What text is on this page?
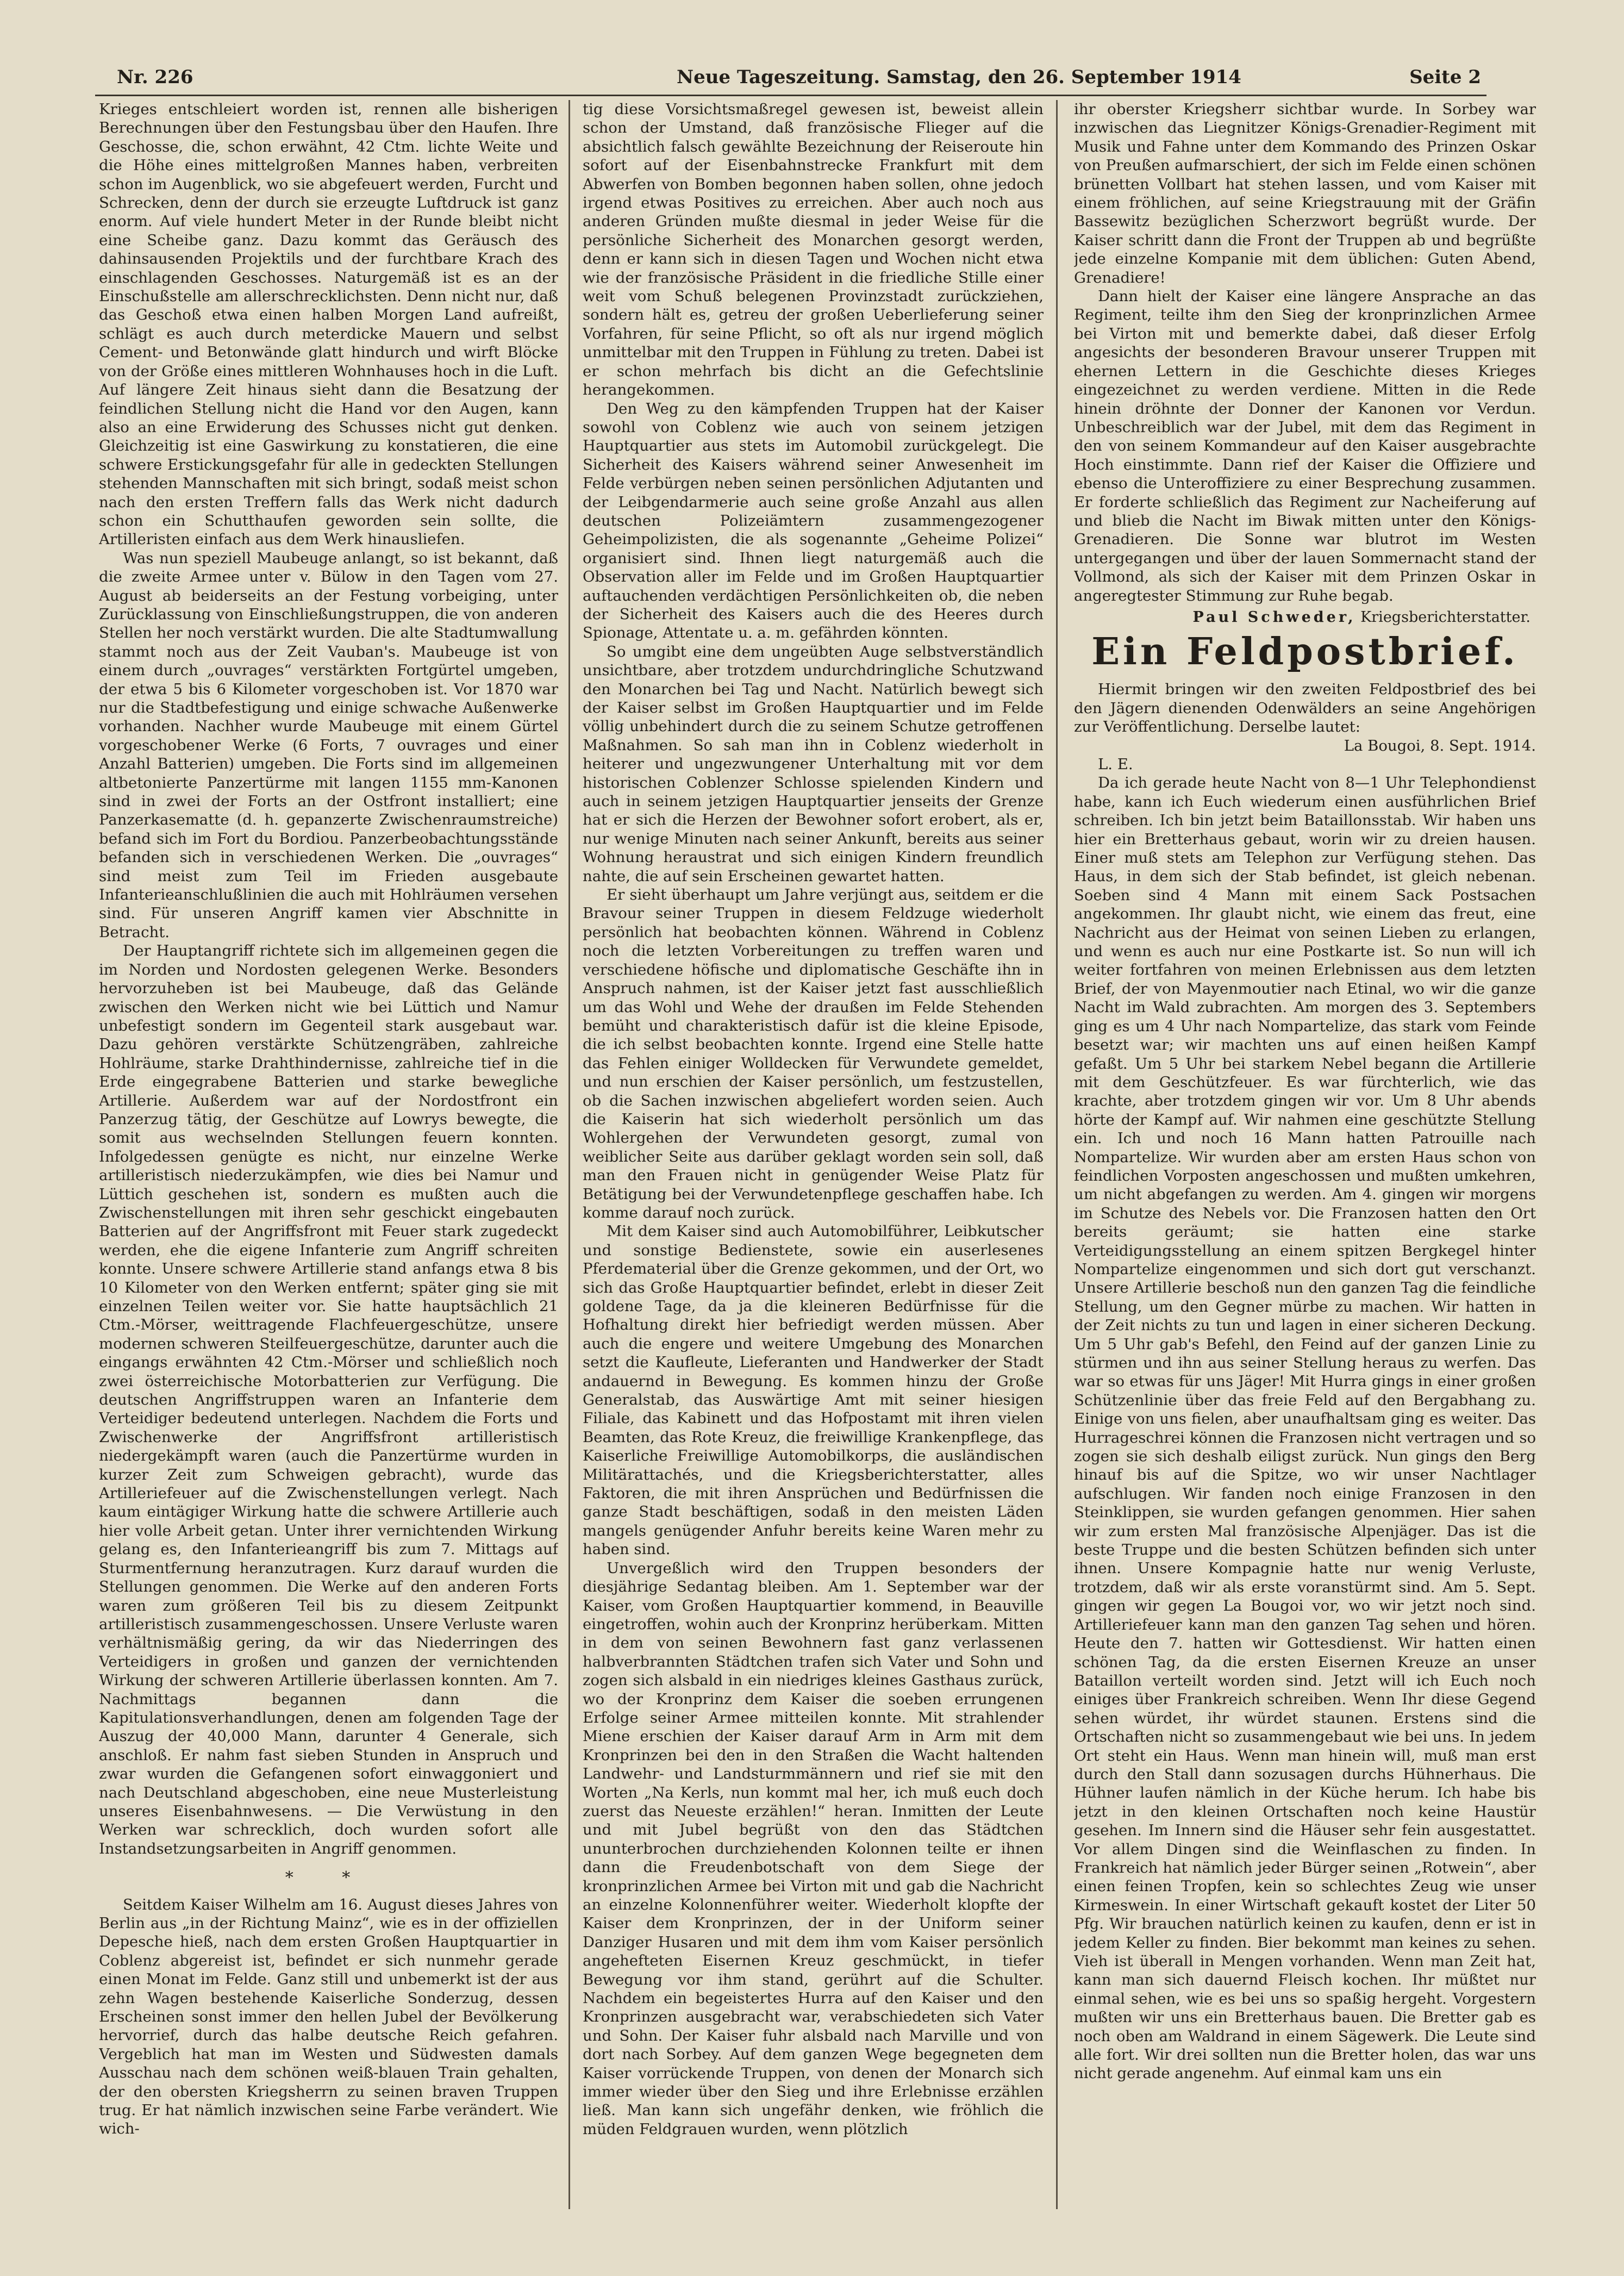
Nr. 226	Neue Tageszeitung. Samstag, den 26. September 1914	Seite 2

Krieges entschleiert worden ist, rennen alle bisherigen Berechnungen über den Festungsbau über den Haufen. Ihre Geschosse, die, schon erwähnt, 42 Ctm. lichte Weite und die Höhe eines mittelgroßen Mannes haben, verbreiten schon im Augenblick, wo sie abgefeuert werden, Furcht und Schrecken, denn der durch sie erzeugte Luftdruck ist ganz enorm. Auf viele hundert Meter in der Runde bleibt nicht eine Scheibe ganz. Dazu kommt das Geräusch des dahinsausenden Projektils und der furchtbare Krach des einschlagenden Geschosses. Naturgemäß ist es an der Einschußstelle am allerschrecklichsten. Denn nicht nur, daß das Geschoß etwa einen halben Morgen Land aufreißt, schlägt es auch durch meterdicke Mauern und selbst Cement- und Betonwände glatt hindurch und wirft Blöcke von der Größe eines mittleren Wohnhauses hoch in die Luft. Auf längere Zeit hinaus sieht dann die Besatzung der feindlichen Stellung nicht die Hand vor den Augen, kann also an eine Erwiderung des Schusses nicht gut denken. Gleichzeitig ist eine Gaswirkung zu konstatieren, die eine schwere Erstickungsgefahr für alle in gedeckten Stellungen stehenden Mannschaften mit sich bringt, sodaß meist schon nach den ersten Treffern falls das Werk nicht dadurch schon ein Schutthaufen geworden sein sollte, die Artilleristen einfach aus dem Werk hinausliefen.

Was nun speziell Maubeuge anlangt, so ist bekannt, daß die zweite Armee unter v. Bülow in den Tagen vom 27. August ab beiderseits an der Festung vorbeiging, unter Zurücklassung von Einschließungstruppen, die von anderen Stellen her noch verstärkt wurden. Die alte Stadtumwallung stammt noch aus der Zeit Vauban's. Maubeuge ist von einem durch „ouvrages“ verstärkten Fortgürtel umgeben, der etwa 5 bis 6 Kilometer vorgeschoben ist. Vor 1870 war nur die Stadtbefestigung und einige schwache Außenwerke vorhanden. Nachher wurde Maubeuge mit einem Gürtel vorgeschobener Werke (6 Forts, 7 ouvrages und einer Anzahl Batterien) umgeben. Die Forts sind im allgemeinen altbetonierte Panzertürme mit langen 1155 mm-Kanonen sind in zwei der Forts an der Ostfront installiert; eine Panzerkasematte (d. h. gepanzerte Zwischenraumstreiche) befand sich im Fort du Bordiou. Panzerbeobachtungsstände befanden sich in verschiedenen Werken. Die „ouvrages“ sind meist zum Teil im Frieden ausgebaute Infanterieanschlußlinien die auch mit Hohlräumen versehen sind. Für unseren Angriff kamen vier Abschnitte in Betracht.

Der Hauptangriff richtete sich im allgemeinen gegen die im Norden und Nordosten gelegenen Werke. Besonders hervorzuheben ist bei Maubeuge, daß das Gelände zwischen den Werken nicht wie bei Lüttich und Namur unbefestigt sondern im Gegenteil stark ausgebaut war. Dazu gehören verstärkte Schützengräben, zahlreiche Hohlräume, starke Drahthindernisse, zahlreiche tief in die Erde eingegrabene Batterien und starke bewegliche Artillerie. Außerdem war auf der Nordostfront ein Panzerzug tätig, der Geschütze auf Lowrys bewegte, die somit aus wechselnden Stellungen feuern konnten. Infolgedessen genügte es nicht, nur einzelne Werke artilleristisch niederzukämpfen, wie dies bei Namur und Lüttich geschehen ist, sondern es mußten auch die Zwischenstellungen mit ihren sehr geschickt eingebauten Batterien auf der Angriffsfront mit Feuer stark zugedeckt werden, ehe die eigene Infanterie zum Angriff schreiten konnte. Unsere schwere Artillerie stand anfangs etwa 8 bis 10 Kilometer von den Werken entfernt; später ging sie mit einzelnen Teilen weiter vor. Sie hatte hauptsächlich 21 Ctm.-Mörser, weittragende Flachfeuergeschütze, unsere modernen schweren Steilfeuergeschütze, darunter auch die eingangs erwähnten 42 Ctm.-Mörser und schließlich noch zwei österreichische Motorbatterien zur Verfügung. Die deutschen Angriffstruppen waren an Infanterie dem Verteidiger bedeutend unterlegen. Nachdem die Forts und Zwischenwerke der Angriffsfront artilleristisch niedergekämpft waren (auch die Panzertürme wurden in kurzer Zeit zum Schweigen gebracht), wurde das Artilleriefeuer auf die Zwischenstellungen verlegt. Nach kaum eintägiger Wirkung hatte die schwere Artillerie auch hier volle Arbeit getan. Unter ihrer vernichtenden Wirkung gelang es, den Infanterieangriff bis zum 7. Mittags auf Sturmentfernung heranzutragen. Kurz darauf wurden die Stellungen genommen. Die Werke auf den anderen Forts waren zum größeren Teil bis zu diesem Zeitpunkt artilleristisch zusammengeschossen. Unsere Verluste waren verhältnismäßig gering, da wir das Niederringen des Verteidigers in großen und ganzen der vernichtenden Wirkung der schweren Artillerie überlassen konnten. Am 7. Nachmittags begannen dann die Kapitulationsverhandlungen, denen am folgenden Tage der Auszug der 40,000 Mann, darunter 4 Generale, sich anschloß. Er nahm fast sieben Stunden in Anspruch und zwar wurden die Gefangenen sofort einwaggoniert und nach Deutschland abgeschoben, eine neue Musterleistung unseres Eisenbahnwesens. — Die Verwüstung in den Werken war schrecklich, doch wurden sofort alle Instandsetzungsarbeiten in Angriff genommen.

* *

Seitdem Kaiser Wilhelm am 16. August dieses Jahres von Berlin aus „in der Richtung Mainz“, wie es in der offiziellen Depesche hieß, nach dem ersten Großen Hauptquartier in Coblenz abgereist ist, befindet er sich nunmehr gerade einen Monat im Felde. Ganz still und unbemerkt ist der aus zehn Wagen bestehende Kaiserliche Sonderzug, dessen Erscheinen sonst immer den hellen Jubel der Bevölkerung hervorrief, durch das halbe deutsche Reich gefahren. Vergeblich hat man im Westen und Südwesten damals Ausschau nach dem schönen weiß-blauen Train gehalten, der den obersten Kriegsherrn zu seinen braven Truppen trug. Er hat nämlich inzwischen seine Farbe verändert. Wie wich-

tig diese Vorsichtsmaßregel gewesen ist, beweist allein schon der Umstand, daß französische Flieger auf die absichtlich falsch gewählte Bezeichnung der Reiseroute hin sofort auf der Eisenbahnstrecke Frankfurt mit dem Abwerfen von Bomben begonnen haben sollen, ohne jedoch irgend etwas Positives zu erreichen. Aber auch noch aus anderen Gründen mußte diesmal in jeder Weise für die persönliche Sicherheit des Monarchen gesorgt werden, denn er kann sich in diesen Tagen und Wochen nicht etwa wie der französische Präsident in die friedliche Stille einer weit vom Schuß belegenen Provinzstadt zurückziehen, sondern hält es, getreu der großen Ueberlieferung seiner Vorfahren, für seine Pflicht, so oft als nur irgend möglich unmittelbar mit den Truppen in Fühlung zu treten. Dabei ist er schon mehrfach bis dicht an die Gefechtslinie herangekommen.

Den Weg zu den kämpfenden Truppen hat der Kaiser sowohl von Coblenz wie auch von seinem jetzigen Hauptquartier aus stets im Automobil zurückgelegt. Die Sicherheit des Kaisers während seiner Anwesenheit im Felde verbürgen neben seinen persönlichen Adjutanten und der Leibgendarmerie auch seine große Anzahl aus allen deutschen Polizeiämtern zusammengezogener Geheimpolizisten, die als sogenannte „Geheime Polizei“ organisiert sind. Ihnen liegt naturgemäß auch die Observation aller im Felde und im Großen Hauptquartier auftauchenden verdächtigen Persönlichkeiten ob, die neben der Sicherheit des Kaisers auch die des Heeres durch Spionage, Attentate u. a. m. gefährden könnten.

So umgibt eine dem ungeübten Auge selbstverständlich unsichtbare, aber trotzdem undurchdringliche Schutzwand den Monarchen bei Tag und Nacht. Natürlich bewegt sich der Kaiser selbst im Großen Hauptquartier und im Felde völlig unbehindert durch die zu seinem Schutze getroffenen Maßnahmen. So sah man ihn in Coblenz wiederholt in heiterer und ungezwungener Unterhaltung mit vor dem historischen Coblenzer Schlosse spielenden Kindern und auch in seinem jetzigen Hauptquartier jenseits der Grenze hat er sich die Herzen der Bewohner sofort erobert, als er, nur wenige Minuten nach seiner Ankunft, bereits aus seiner Wohnung heraustrat und sich einigen Kindern freundlich nahte, die auf sein Erscheinen gewartet hatten.

Er sieht überhaupt um Jahre verjüngt aus, seitdem er die Bravour seiner Truppen in diesem Feldzuge wiederholt persönlich hat beobachten können. Während in Coblenz noch die letzten Vorbereitungen zu treffen waren und verschiedene höfische und diplomatische Geschäfte ihn in Anspruch nahmen, ist der Kaiser jetzt fast ausschließlich um das Wohl und Wehe der draußen im Felde Stehenden bemüht und charakteristisch dafür ist die kleine Episode, die ich selbst beobachten konnte. Irgend eine Stelle hatte das Fehlen einiger Wolldecken für Verwundete gemeldet, und nun erschien der Kaiser persönlich, um festzustellen, ob die Sachen inzwischen abgeliefert worden seien. Auch die Kaiserin hat sich wiederholt persönlich um das Wohlergehen der Verwundeten gesorgt, zumal von weiblicher Seite aus darüber geklagt worden sein soll, daß man den Frauen nicht in genügender Weise Platz für Betätigung bei der Verwundetenpflege geschaffen habe. Ich komme darauf noch zurück.

Mit dem Kaiser sind auch Automobilführer, Leibkutscher und sonstige Bedienstete, sowie ein auserlesenes Pferdematerial über die Grenze gekommen, und der Ort, wo sich das Große Hauptquartier befindet, erlebt in dieser Zeit goldene Tage, da ja die kleineren Bedürfnisse für die Hofhaltung direkt hier befriedigt werden müssen. Aber auch die engere und weitere Umgebung des Monarchen setzt die Kaufleute, Lieferanten und Handwerker der Stadt andauernd in Bewegung. Es kommen hinzu der Große Generalstab, das Auswärtige Amt mit seiner hiesigen Filiale, das Kabinett und das Hofpostamt mit ihren vielen Beamten, das Rote Kreuz, die freiwillige Krankenpflege, das Kaiserliche Freiwillige Automobilkorps, die ausländischen Militärattachés, und die Kriegsberichterstatter, alles Faktoren, die mit ihren Ansprüchen und Bedürfnissen die ganze Stadt beschäftigen, sodaß in den meisten Läden mangels genügender Anfuhr bereits keine Waren mehr zu haben sind.

Unvergeßlich wird den Truppen besonders der diesjährige Sedantag bleiben. Am 1. September war der Kaiser, vom Großen Hauptquartier kommend, in Beauville eingetroffen, wohin auch der Kronprinz herüberkam. Mitten in dem von seinen Bewohnern fast ganz verlassenen halbverbrannten Städtchen trafen sich Vater und Sohn und zogen sich alsbald in ein niedriges kleines Gasthaus zurück, wo der Kronprinz dem Kaiser die soeben errungenen Erfolge seiner Armee mitteilen konnte. Mit strahlender Miene erschien der Kaiser darauf Arm in Arm mit dem Kronprinzen bei den in den Straßen die Wacht haltenden Landwehr- und Landsturmmännern und rief sie mit den Worten „Na Kerls, nun kommt mal her, ich muß euch doch zuerst das Neueste erzählen!“ heran. Inmitten der Leute und mit Jubel begrüßt von den das Städtchen ununterbrochen durchziehenden Kolonnen teilte er ihnen dann die Freudenbotschaft von dem Siege der kronprinzlichen Armee bei Virton mit und gab die Nachricht an einzelne Kolonnenführer weiter. Wiederholt klopfte der Kaiser dem Kronprinzen, der in der Uniform seiner Danziger Husaren und mit dem ihm vom Kaiser persönlich angehefteten Eisernen Kreuz geschmückt, in tiefer Bewegung vor ihm stand, gerührt auf die Schulter. Nachdem ein begeistertes Hurra auf den Kaiser und den Kronprinzen ausgebracht war, verabschiedeten sich Vater und Sohn. Der Kaiser fuhr alsbald nach Marville und von dort nach Sorbey. Auf dem ganzen Wege begegneten dem Kaiser vorrückende Truppen, von denen der Monarch sich immer wieder über den Sieg und ihre Erlebnisse erzählen ließ. Man kann sich ungefähr denken, wie fröhlich die müden Feldgrauen wurden, wenn plötzlich

ihr oberster Kriegsherr sichtbar wurde. In Sorbey war inzwischen das Liegnitzer Königs-Grenadier-Regiment mit Musik und Fahne unter dem Kommando des Prinzen Oskar von Preußen aufmarschiert, der sich im Felde einen schönen brünetten Vollbart hat stehen lassen, und vom Kaiser mit einem fröhlichen, auf seine Kriegstrauung mit der Gräfin Bassewitz bezüglichen Scherzwort begrüßt wurde. Der Kaiser schritt dann die Front der Truppen ab und begrüßte jede einzelne Kompanie mit dem üblichen: Guten Abend, Grenadiere!

Dann hielt der Kaiser eine längere Ansprache an das Regiment, teilte ihm den Sieg der kronprinzlichen Armee bei Virton mit und bemerkte dabei, daß dieser Erfolg angesichts der besonderen Bravour unserer Truppen mit ehernen Lettern in die Geschichte dieses Krieges eingezeichnet zu werden verdiene. Mitten in die Rede hinein dröhnte der Donner der Kanonen vor Verdun. Unbeschreiblich war der Jubel, mit dem das Regiment in den von seinem Kommandeur auf den Kaiser ausgebrachte Hoch einstimmte. Dann rief der Kaiser die Offiziere und ebenso die Unteroffiziere zu einer Besprechung zusammen. Er forderte schließlich das Regiment zur Nacheiferung auf und blieb die Nacht im Biwak mitten unter den Königs-Grenadieren. Die Sonne war blutrot im Westen untergegangen und über der lauen Sommernacht stand der Vollmond, als sich der Kaiser mit dem Prinzen Oskar in angeregtester Stimmung zur Ruhe begab.

Paul Schweder, Kriegsberichterstatter.
Ein Feldpostbrief.

Hiermit bringen wir den zweiten Feldpostbrief des bei den Jägern dienenden Odenwälders an seine Angehörigen zur Veröffentlichung. Derselbe lautet:

La Bougoi, 8. Sept. 1914.

L. E.

Da ich gerade heute Nacht von 8—1 Uhr Telephondienst habe, kann ich Euch wiederum einen ausführlichen Brief schreiben. Ich bin jetzt beim Bataillonsstab. Wir haben uns hier ein Bretterhaus gebaut, worin wir zu dreien hausen. Einer muß stets am Telephon zur Verfügung stehen. Das Haus, in dem sich der Stab befindet, ist gleich nebenan. Soeben sind 4 Mann mit einem Sack Postsachen angekommen. Ihr glaubt nicht, wie einem das freut, eine Nachricht aus der Heimat von seinen Lieben zu erlangen, und wenn es auch nur eine Postkarte ist. So nun will ich weiter fortfahren von meinen Erlebnissen aus dem letzten Brief, der von Mayenmoutier nach Etinal, wo wir die ganze Nacht im Wald zubrachten. Am morgen des 3. Septembers ging es um 4 Uhr nach Nompartelize, das stark vom Feinde besetzt war; wir machten uns auf einen heißen Kampf gefaßt. Um 5 Uhr bei starkem Nebel begann die Artillerie mit dem Geschützfeuer. Es war fürchterlich, wie das krachte, aber trotzdem gingen wir vor. Um 8 Uhr abends hörte der Kampf auf. Wir nahmen eine geschützte Stellung ein. Ich und noch 16 Mann hatten Patrouille nach Nompartelize. Wir wurden aber am ersten Haus schon von feindlichen Vorposten angeschossen und mußten umkehren, um nicht abgefangen zu werden. Am 4. gingen wir morgens im Schutze des Nebels vor. Die Franzosen hatten den Ort bereits geräumt; sie hatten eine starke Verteidigungsstellung an einem spitzen Bergkegel hinter Nompartelize eingenommen und sich dort gut verschanzt. Unsere Artillerie beschoß nun den ganzen Tag die feindliche Stellung, um den Gegner mürbe zu machen. Wir hatten in der Zeit nichts zu tun und lagen in einer sicheren Deckung. Um 5 Uhr gab's Befehl, den Feind auf der ganzen Linie zu stürmen und ihn aus seiner Stellung heraus zu werfen. Das war so etwas für uns Jäger! Mit Hurra gings in einer großen Schützenlinie über das freie Feld auf den Bergabhang zu. Einige von uns fielen, aber unaufhaltsam ging es weiter. Das Hurrageschrei können die Franzosen nicht vertragen und so zogen sie sich deshalb eiligst zurück. Nun gings den Berg hinauf bis auf die Spitze, wo wir unser Nachtlager aufschlugen. Wir fanden noch einige Franzosen in den Steinklippen, sie wurden gefangen genommen. Hier sahen wir zum ersten Mal französische Alpenjäger. Das ist die beste Truppe und die besten Schützen befinden sich unter ihnen. Unsere Kompagnie hatte nur wenig Verluste, trotzdem, daß wir als erste voranstürmt sind. Am 5. Sept. gingen wir gegen La Bougoi vor, wo wir jetzt noch sind. Artilleriefeuer kann man den ganzen Tag sehen und hören. Heute den 7. hatten wir Gottesdienst. Wir hatten einen schönen Tag, da die ersten Eisernen Kreuze an unser Bataillon verteilt worden sind. Jetzt will ich Euch noch einiges über Frankreich schreiben. Wenn Ihr diese Gegend sehen würdet, ihr würdet staunen. Erstens sind die Ortschaften nicht so zusammengebaut wie bei uns. In jedem Ort steht ein Haus. Wenn man hinein will, muß man erst durch den Stall dann sozusagen durchs Hühnerhaus. Die Hühner laufen nämlich in der Küche herum. Ich habe bis jetzt in den kleinen Ortschaften noch keine Haustür gesehen. Im Innern sind die Häuser sehr fein ausgestattet. Vor allem Dingen sind die Weinflaschen zu finden. In Frankreich hat nämlich jeder Bürger seinen „Rotwein“, aber einen feinen Tropfen, kein so schlechtes Zeug wie unser Kirmeswein. In einer Wirtschaft gekauft kostet der Liter 50 Pfg. Wir brauchen natürlich keinen zu kaufen, denn er ist in jedem Keller zu finden. Bier bekommt man keines zu sehen. Vieh ist überall in Mengen vorhanden. Wenn man Zeit hat, kann man sich dauernd Fleisch kochen. Ihr müßtet nur einmal sehen, wie es bei uns so spaßig hergeht. Vorgestern mußten wir uns ein Bretterhaus bauen. Die Bretter gab es noch oben am Waldrand in einem Sägewerk. Die Leute sind alle fort. Wir drei sollten nun die Bretter holen, das war uns nicht gerade angenehm. Auf einmal kam uns ein
